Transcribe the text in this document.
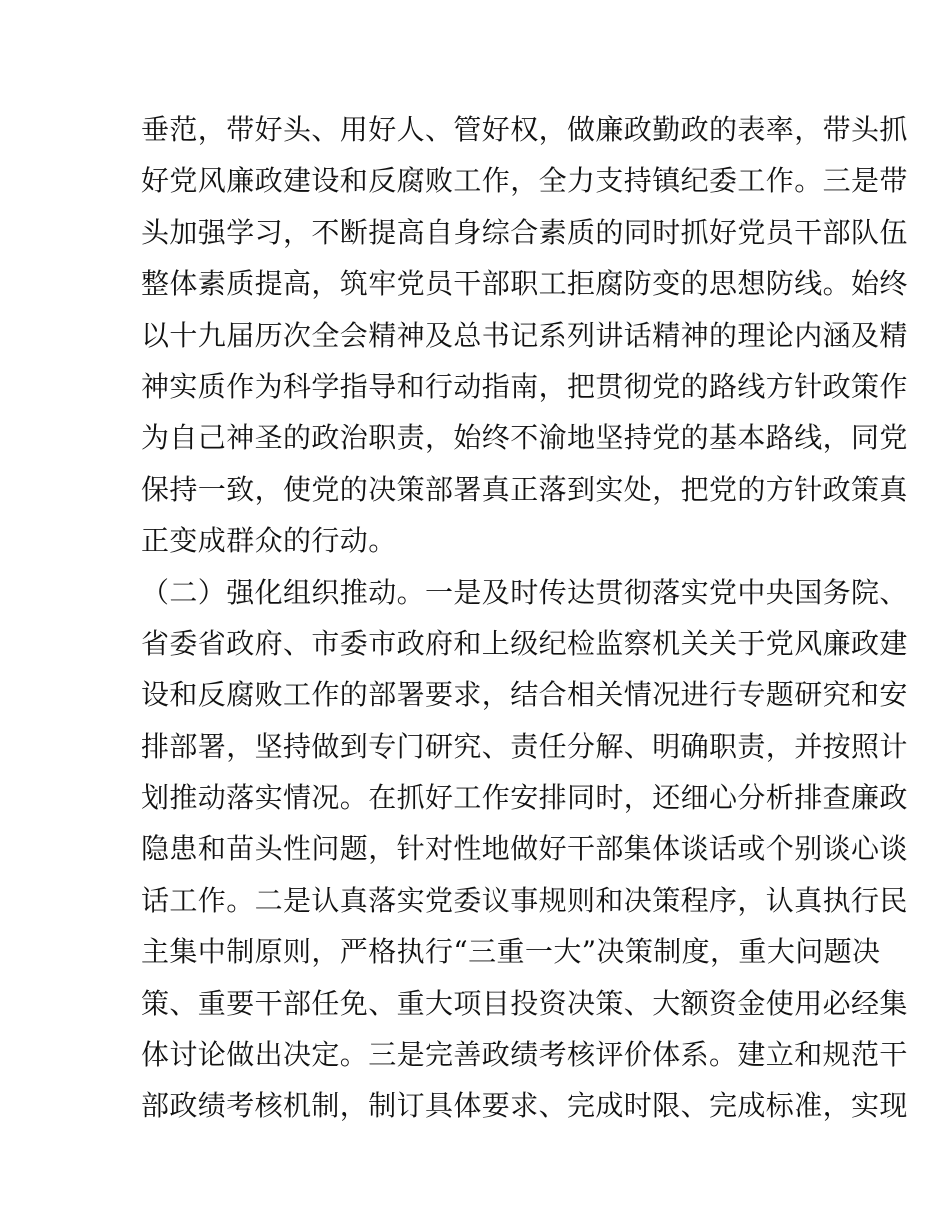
垂范，带好头、用好人、管好权，做廉政勤政的表率，带头抓
好党风廉政建设和反腐败工作，全力支持镇纪委工作。三是带
头加强学习，不断提高自身综合素质的同时抓好党员干部队伍
整体素质提高，筑牢党员干部职工拒腐防变的思想防线。始终
以十九届历次全会精神及总书记系列讲话精神的理论内涵及精
神实质作为科学指导和行动指南，把贯彻党的路线方针政策作
为自己神圣的政治职责，始终不渝地坚持党的基本路线，同党
保持一致，使党的决策部署真正落到实处，把党的方针政策真
正变成群众的行动。
（二）强化组织推动。一是及时传达贯彻落实党中央国务院、
省委省政府、市委市政府和上级纪检监察机关关于党风廉政建
设和反腐败工作的部署要求，结合相关情况进行专题研究和安
排部署，坚持做到专门研究、责任分解、明确职责，并按照计
划推动落实情况。在抓好工作安排同时，还细心分析排查廉政
隐患和苗头性问题，针对性地做好干部集体谈话或个别谈心谈
话工作。二是认真落实党委议事规则和决策程序，认真执行民
主集中制原则，严格执行“三重一大”决策制度，重大问题决
策、重要干部任免、重大项目投资决策、大额资金使用必经集
体讨论做出决定。三是完善政绩考核评价体系。建立和规范干
部政绩考核机制，制订具体要求、完成时限、完成标准，实现
